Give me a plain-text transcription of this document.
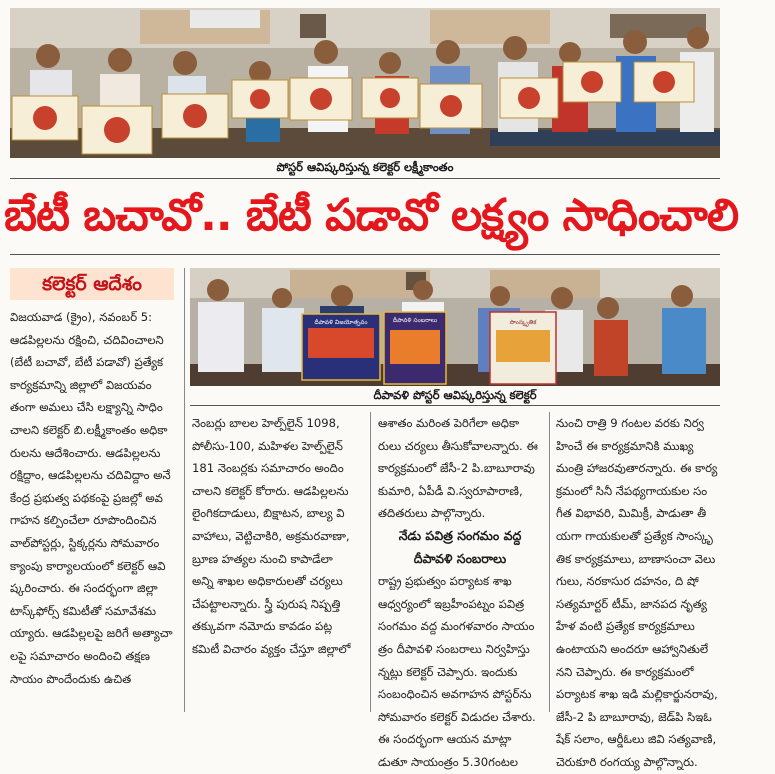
పోస్టర్ ఆవిష్కరిస్తున్న కలెక్టర్ లక్ష్మీకాంతం
బేటీ బచావో.. బేటీ పడావో లక్ష్యం సాధించాలి
కలెక్టర్ ఆదేశం
దీపావళి విజయోత్సవం	దీపావళి సంబరాలు	సాంస్కృతిక
దీపావళి పోస్టర్ ఆవిష్కరిస్తున్న కలెక్టర్

విజయవాడ (క్రైం), నవంబర్ 5:

ఆడపిల్లలను రక్షించి, చదివించాలని

(బేటీ బచావో, బేటీ పడావో) ప్రత్యేక

కార్యక్రమాన్ని జిల్లాలో విజయవం

తంగా అమలు చేసి లక్ష్యాన్ని సాధిం

చాలని కలెక్టర్ బి.లక్ష్మీకాంతం అధికా

రులను ఆదేశించారు. ఆడపిల్లలను

రక్షిద్దాం, ఆడపిల్లలను చదివిద్దాం అనే

కేంద్ర ప్రభుత్వ పథకంపై ప్రజల్లో అవ

గాహన కల్పించేలా రూపొందించిన

వాల్‌పోస్టర్లు, స్టిక్కర్లను సోమవారం

క్యాంపు కార్యాలయంలో కలెక్టర్ ఆవి

ష్కరించారు. ఈ సందర్భంగా జిల్లా

టాస్క్‌ఫోర్స్ కమిటీతో సమావేశమ

య్యారు. ఆడపిల్లలపై జరిగే అత్యాచా

లపై సమాచారం అందించి తక్షణ

సాయం పొందేందుకు ఉచిత

నెంబర్లు బాలల హెల్ప్‌లైన్ 1098,

పోలీసు-100, మహిళల హెల్ప్‌లైన్

181 నెంబర్లకు సమాచారం అందిం

చాలని కలెక్టర్ కోరారు. ఆడపిల్లలను

లైంగికదాడులు, బిక్షాటన, బాల్య వి

వాహాలు, వెట్టిచాకిరి, అక్రమరవాణా,

బ్రూణ హత్యల నుంచి కాపాడేలా

అన్ని శాఖల అధికారులతో చర్యలు

చేపట్టాలన్నారు. స్త్రీ పురుష నిష్పత్తి

తక్కువగా నమోదు కావడం పట్ల

కమిటీ విచారం వ్యక్తం చేస్తూ జిల్లాలో

ఆశాతం మరింత పెరిగేలా అధికా

రులు చర్యలు తీసుకోవాలన్నారు. ఈ

కార్యక్రమంలో జేసీ-2 పి.బాబూరావు

కుమారి, ఏపీడీ వి.స్వరూపారాణి,

తదితరులు పాల్గొన్నారు.

నేడు పవిత్ర సంగమం వద్ద

దీపావళి సంబరాలు

రాష్ట్ర ప్రభుత్వం పర్యాటక శాఖ

ఆధ్వర్యంలో ఇబ్రహీంపట్నం పవిత్ర

సంగమం వద్ద మంగళవారం సాయం

త్రం దీపావళి సంబరాలు నిర్వహిస్తు

న్నట్లు కలెక్టర్ చెప్పారు. ఇందుకు

సంబంధించిన అవగాహన పోస్టర్‌ను

సోమవారం కలెక్టర్ విడుదల చేశారు.

ఈ సందర్భంగా ఆయన మాట్లా

డుతూ సాయంత్రం 5.30గంటల

నుంచి రాత్రి 9 గంటల వరకు నిర్వ

హించే ఈ కార్యక్రమానికి ముఖ్య

మంత్రి హాజరవుతారన్నారు. ఈ కార్య

క్రమంలో సినీ నేపథ్యగాయకుల సం

గీత విభావరి, మిమిక్రీ, పాడుతా తీ

యగా గాయకులతో ప్రత్యేక సాంస్కృ

తిక కార్యక్రమాలు, బాణాసంచా వెలు

గులు, నరకాసుర దహనం, ది షో

సత్యమార్టర్ టీమ్, జానపద నృత్య

హేళ వంటి ప్రత్యేక కార్యక్రమాలు

ఉంటాయని అందరూ ఆహ్వానితులే

నని చెప్పారు. ఈ కార్యక్రమంలో

పర్యాటక శాఖ ఇడి మల్లికార్జునరావు,

జేసీ-2 పి బాబూరావు, జెడ్‌పి సిఇఓ

షేక్ సలాం, ఆర్డీఓలు జివి సత్యవాణి,

చెరుకూరి రంగయ్య పాల్గొన్నారు.
